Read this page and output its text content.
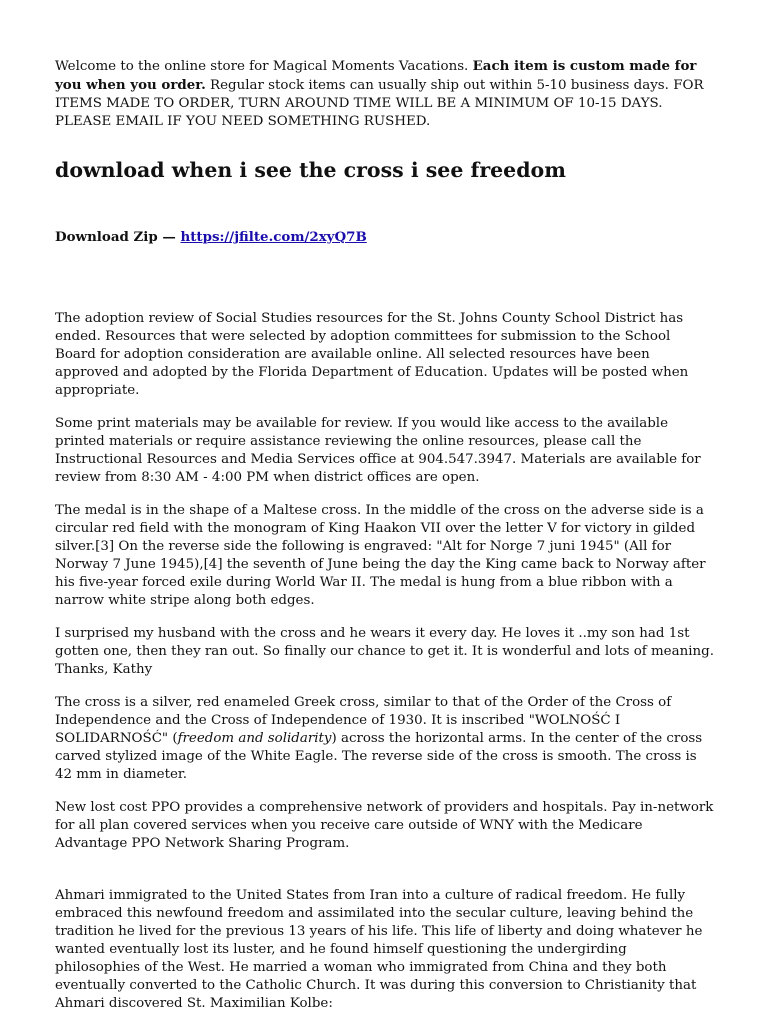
Welcome to the online store for Magical Moments Vacations. Each item is custom made for you when you order. Regular stock items can usually ship out within 5-10 business days. FOR ITEMS MADE TO ORDER, TURN AROUND TIME WILL BE A MINIMUM OF 10-15 DAYS. PLEASE EMAIL IF YOU NEED SOMETHING RUSHED.

download when i see the cross i see freedom

Download Zip — https://jfilte.com/2xyQ7B

The adoption review of Social Studies resources for the St. Johns County School District has ended. Resources that were selected by adoption committees for submission to the School Board for adoption consideration are available online. All selected resources have been approved and adopted by the Florida Department of Education. Updates will be posted when appropriate.

Some print materials may be available for review. If you would like access to the available printed materials or require assistance reviewing the online resources, please call the Instructional Resources and Media Services office at 904.547.3947. Materials are available for review from 8:30 AM - 4:00 PM when district offices are open.

The medal is in the shape of a Maltese cross. In the middle of the cross on the adverse side is a circular red field with the monogram of King Haakon VII over the letter V for victory in gilded silver.[3] On the reverse side the following is engraved: "Alt for Norge 7 juni 1945" (All for Norway 7 June 1945),[4] the seventh of June being the day the King came back to Norway after his five-year forced exile during World War II. The medal is hung from a blue ribbon with a narrow white stripe along both edges.

I surprised my husband with the cross and he wears it every day. He loves it ..my son had 1st gotten one, then they ran out. So finally our chance to get it. It is wonderful and lots of meaning. Thanks, Kathy

The cross is a silver, red enameled Greek cross, similar to that of the Order of the Cross of Independence and the Cross of Independence of 1930. It is inscribed "WOLNOŚĆ I SOLIDARNOŚĆ" (freedom and solidarity) across the horizontal arms. In the center of the cross carved stylized image of the White Eagle. The reverse side of the cross is smooth. The cross is 42 mm in diameter.

New lost cost PPO provides a comprehensive network of providers and hospitals. Pay in-network for all plan covered services when you receive care outside of WNY with the Medicare Advantage PPO Network Sharing Program.

Ahmari immigrated to the United States from Iran into a culture of radical freedom. He fully embraced this newfound freedom and assimilated into the secular culture, leaving behind the tradition he lived for the previous 13 years of his life. This life of liberty and doing whatever he wanted eventually lost its luster, and he found himself questioning the undergirding philosophies of the West. He married a woman who immigrated from China and they both eventually converted to the Catholic Church. It was during this conversion to Christianity that Ahmari discovered St. Maximilian Kolbe:
